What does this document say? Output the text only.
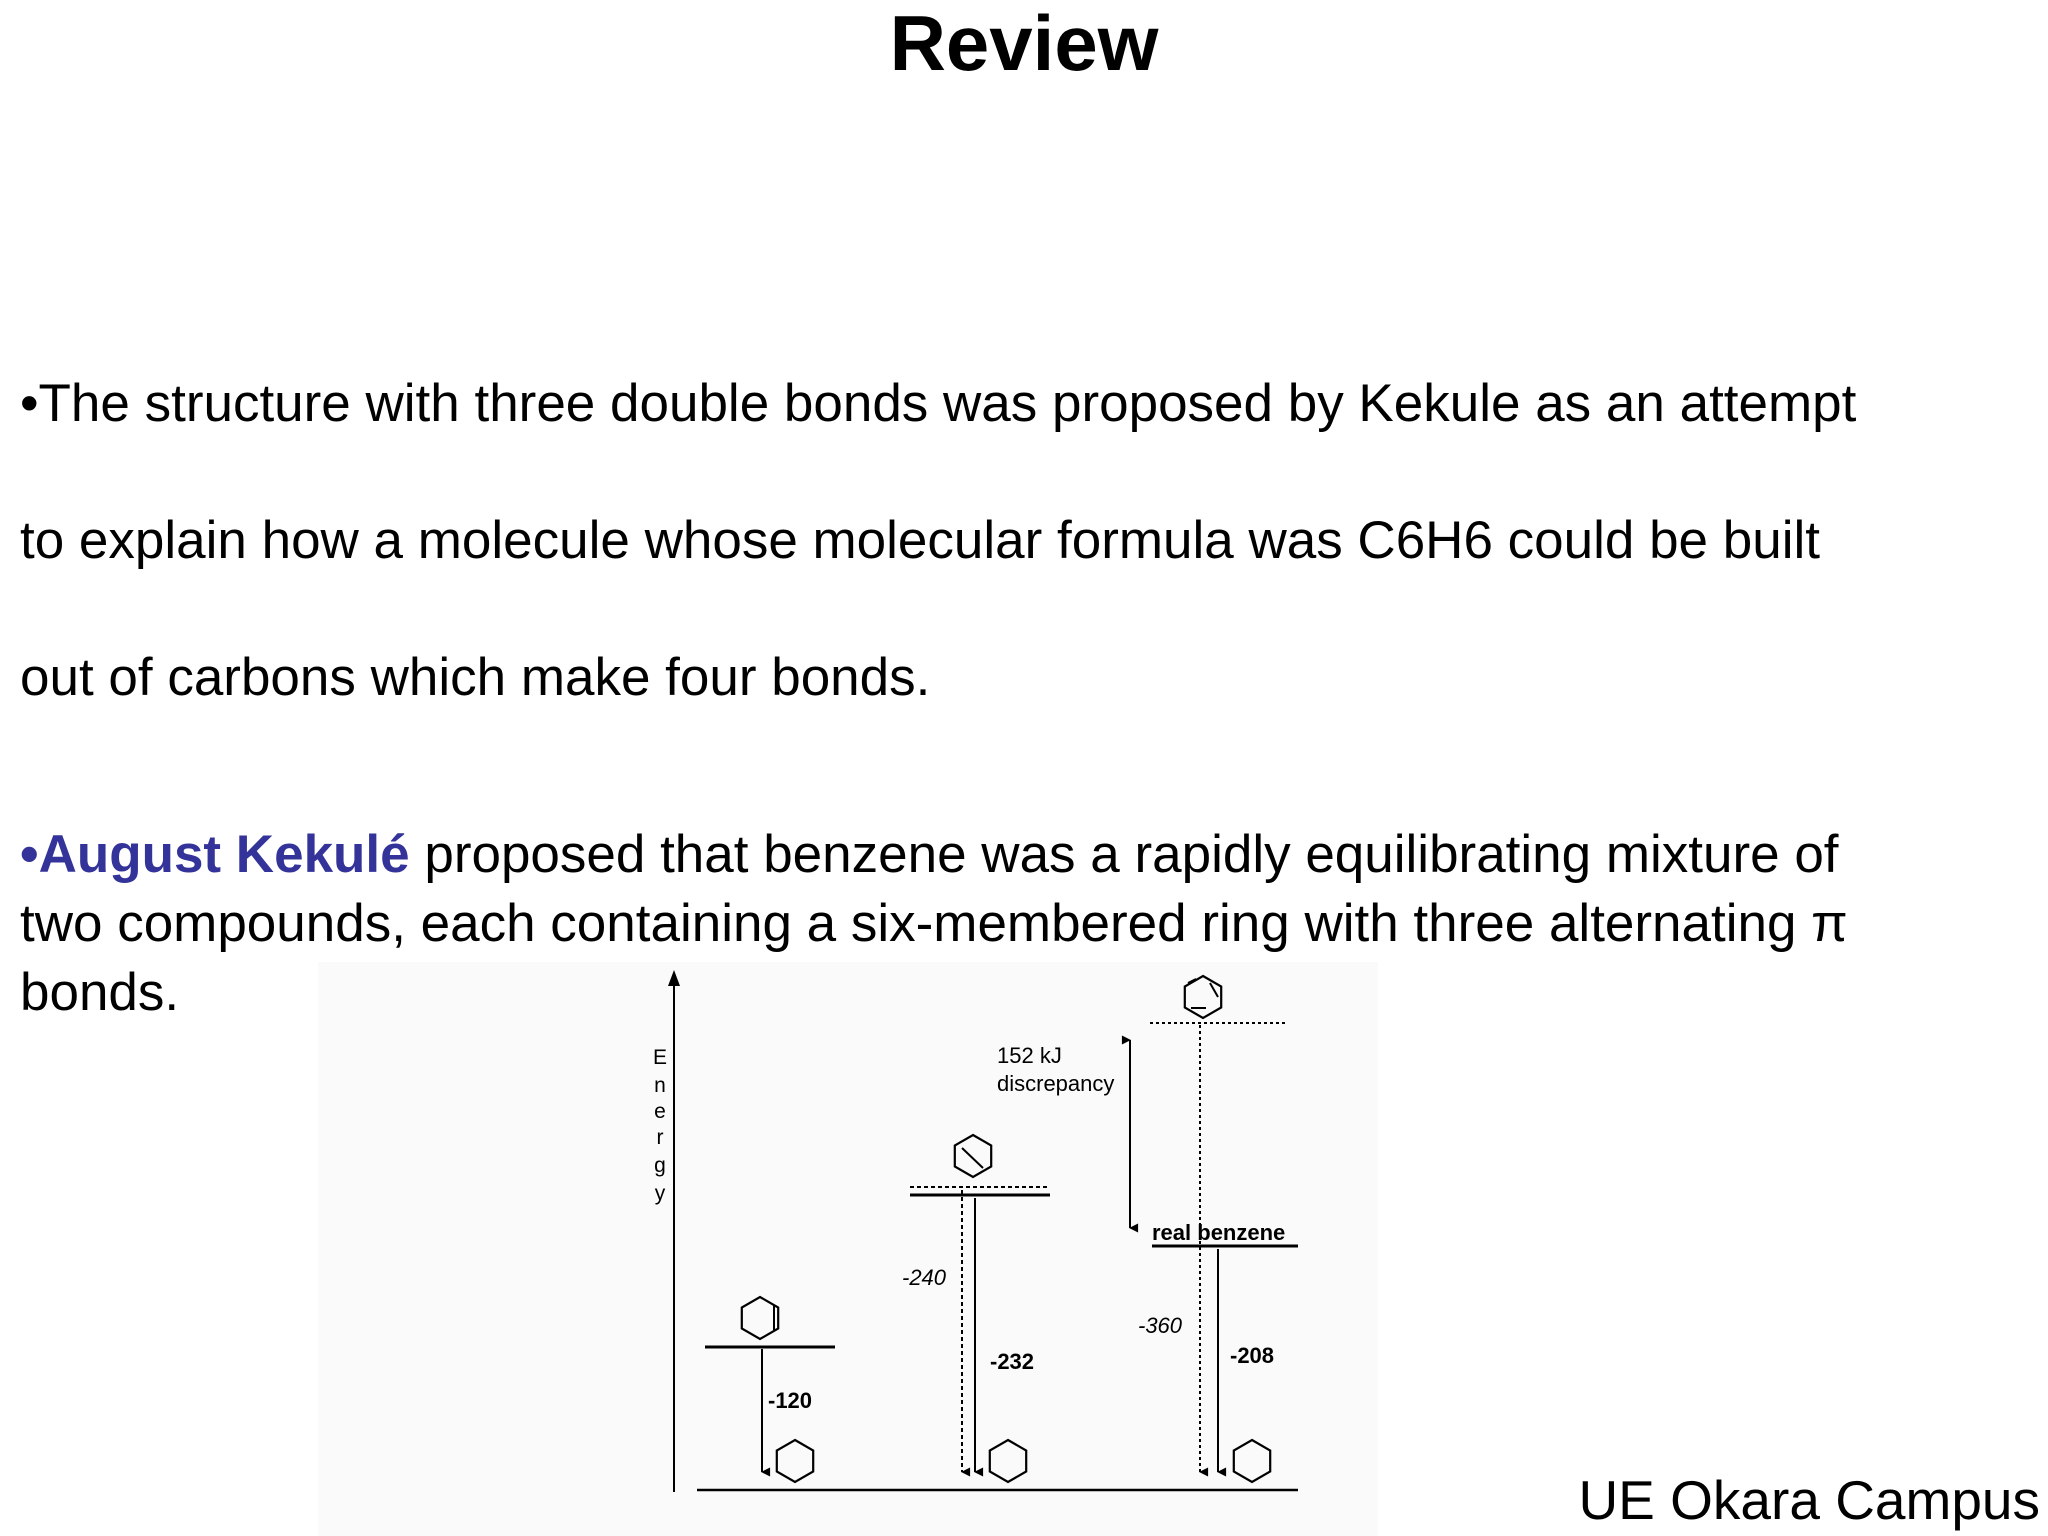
Review
•The structure with three double bonds was proposed by Kekule as an attempt
to explain how a molecule whose molecular formula was C6H6 could be built
out of carbons which make four bonds.
•August Kekulé proposed that benzene was a rapidly equilibrating mixture of
two compounds, each containing a six-membered ring with three alternating π
bonds.
E
n
e
r
g
y
-120
-240
-232
152 kJ
discrepancy
real benzene
-360
-208
UE Okara Campus
